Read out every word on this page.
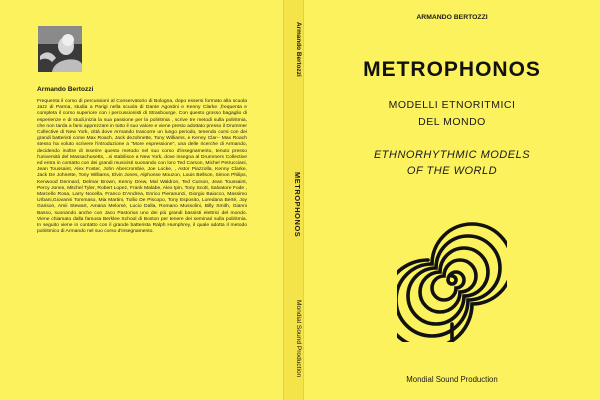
Armando Bertozzi

Frequenta il corso di percussioni al Conservatorio di Bologna, dopo essersi formato alla scuola Jazz di Parma, studia a Parigi nella scuola di Dante Agostini e Kenny Clarke ,frequenta e completa il corso superiore con i percussionisti di Strasbourge. Con questo grosso bagaglio di esperienze e di studi,inizia la sua passione per la poliritmia , scrive tre metodi sulla poliritmia, che non tarda a farsi apprezzare in tutto il suo valore e viene presto adottato presso il Drummer Collective di New York, città dove Armando trascorre un lungo periodo, tenendo corsi con dei grandi batteristi come Max Roach, Jack deJohnette, Tony Williams, e Kenny Clar-- Max Roach stesso ha voluto scrivere l'introduzione a "More espressione", una delle ricerche di Armando, decidendo inoltre di inserire questo metodo nel suo corso d'insegnamento, tenuto presso l'università del Massachusetts, ..si stabilisce a New York, dove insegna al Drummers Collective ed entra in contatto con dei grandi musicisti suonando con loro Ted Carson, Michel Petrucciani, Jean Toussaint, Alex Foster, John Abercrombie, Joe Locke, , Astor Piazzolla, Kenny Clarke, Jack De Johnette, Tony Williams, Elvin Jones, Alphonse Mouzon, Louis Bellson, Simon Philips, Kenwood Dennard, Delmar Brown, Kenny Drew, Mal Waldron, Ted Curson, Jean Toussaint, Percy Jones, Mitchel Tyler, Robert Lopez, Frank Malabe, Alex Ipin, Tony Scott, Salvatore Fode , Marcello Rosa, Larry Nocella, Franco D'Andrea, Enrico Pieranunzi, Giorgio Baiocco, Massimo Urbani,Giovanni Tommaso, Mia Martini, Tullio De Piscopo, Tony Esposito, Loredana Berté, Joy Garison, Amii Stewart, Amana Melomè, Lucio Dalla, Romano Mussolini, Billy Smith, Gianni Basso, suonando anche con Jaco Pastorius uno dei più grandi bassisti elettrici del mondo. Viene chiamato dalla famosa Berklee School di Boston per tenere dei seminari sulla poliritmia. In seguito viene in contatto con il grande batterista Ralph Humphrey, il quale adotta il metodo poliritmico di Armando nel suo corso d'insegnamento.

Armando Bertozzi
METROPHONOS
Mondial Sound Production
ARMANDO BERTOZZI
METROPHONOS
MODELLI ETNORITMICI
DEL MONDO
ETHNORHYTHMIC MODELS
OF THE WORLD
Mondial Sound Production
